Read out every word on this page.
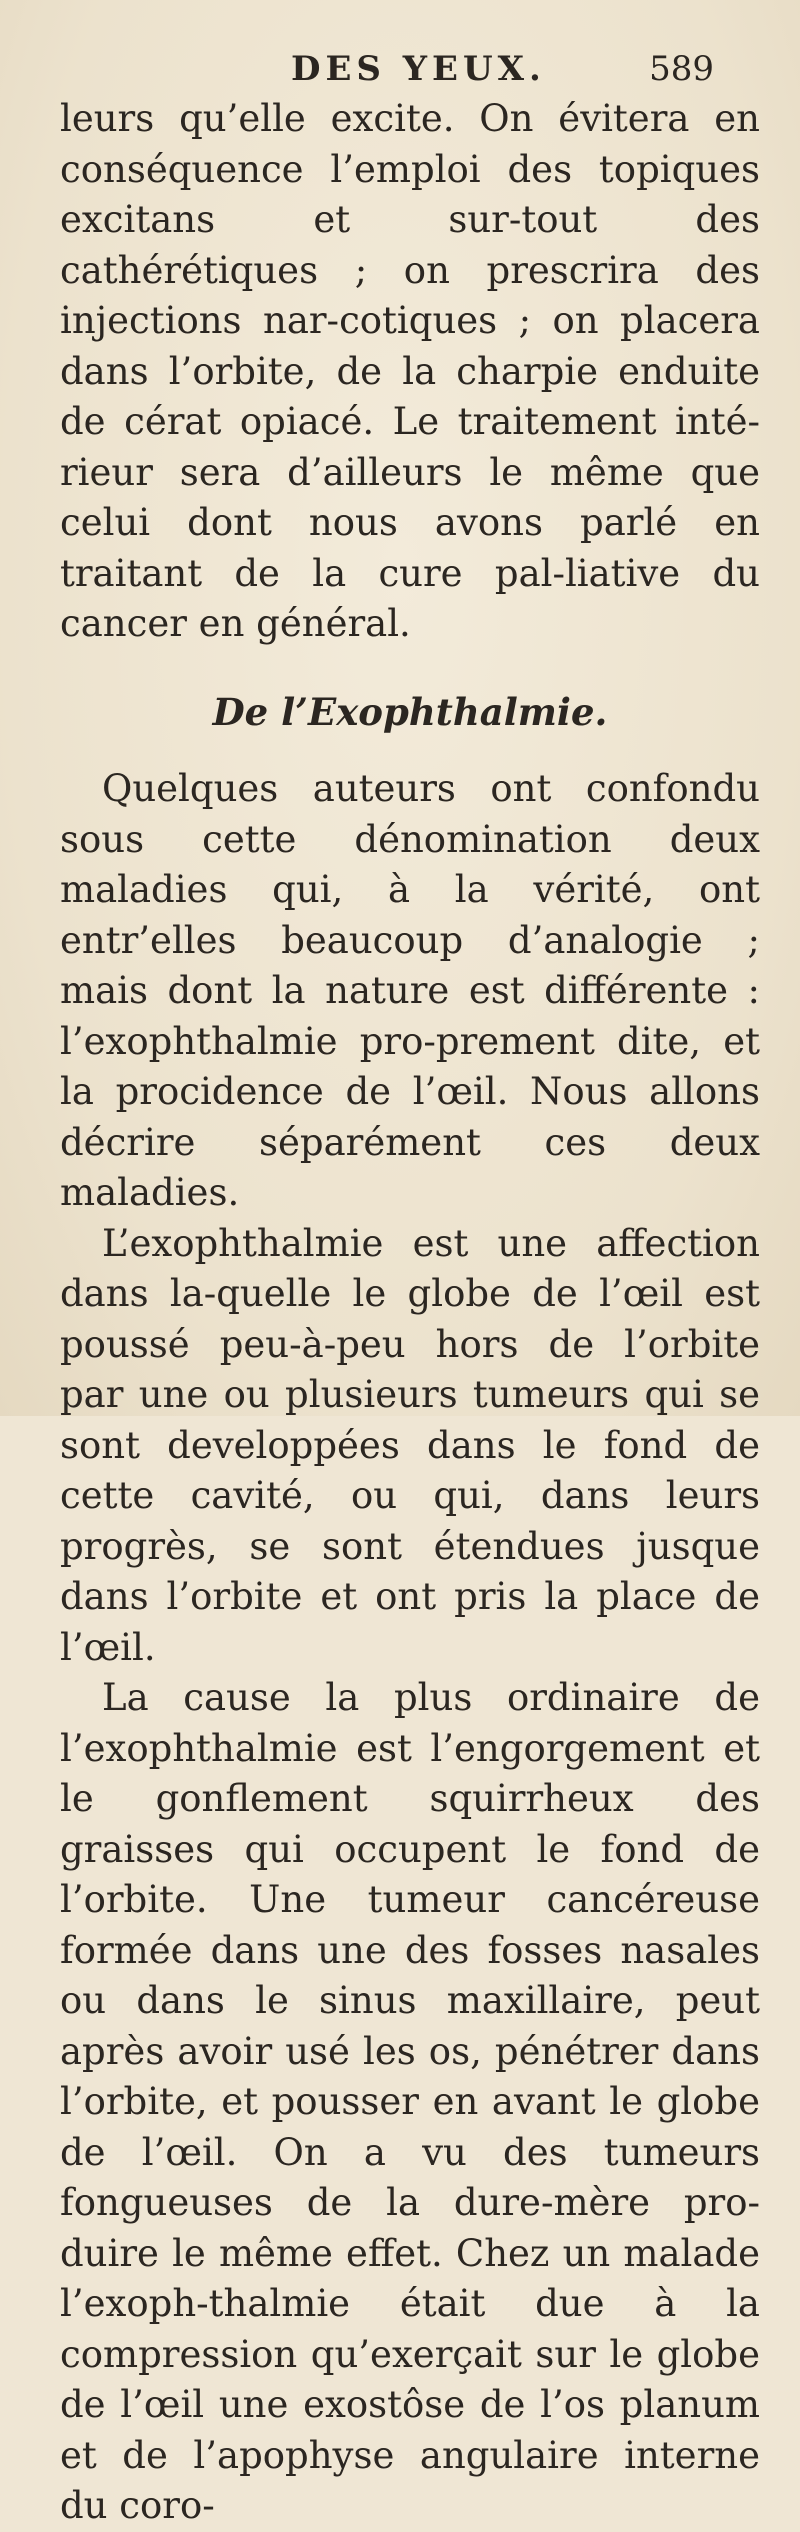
DES YEUX.	589

leurs qu’elle excite. On évitera en conséquence l’emploi des topiques excitans et sur-tout des cathérétiques ; on prescrira des injections nar-cotiques ; on placera dans l’orbite, de la charpie enduite de cérat opiacé. Le traitement inté-rieur sera d’ailleurs le même que celui dont nous avons parlé en traitant de la cure pal-liative du cancer en général.

De l’Exophthalmie.

Quelques auteurs ont confondu sous cette dénomination deux maladies qui, à la vérité, ont entr’elles beaucoup d’analogie ; mais dont la nature est différente : l’exophthalmie pro-prement dite, et la procidence de l’œil. Nous allons décrire séparément ces deux maladies.

L’exophthalmie est une affection dans la-quelle le globe de l’œil est poussé peu-à-peu hors de l’orbite par une ou plusieurs tumeurs qui se sont developpées dans le fond de cette cavité, ou qui, dans leurs progrès, se sont étendues jusque dans l’orbite et ont pris la place de l’œil.

La cause la plus ordinaire de l’exophthalmie est l’engorgement et le gonflement squirrheux des graisses qui occupent le fond de l’orbite. Une tumeur cancéreuse formée dans une des fosses nasales ou dans le sinus maxillaire, peut après avoir usé les os, pénétrer dans l’orbite, et pousser en avant le globe de l’œil. On a vu des tumeurs fongueuses de la dure-mère pro-duire le même effet. Chez un malade l’exoph-thalmie était due à la compression qu’exerçait sur le globe de l’œil une exostôse de l’os planum et de l’apophyse angulaire interne du coro-
